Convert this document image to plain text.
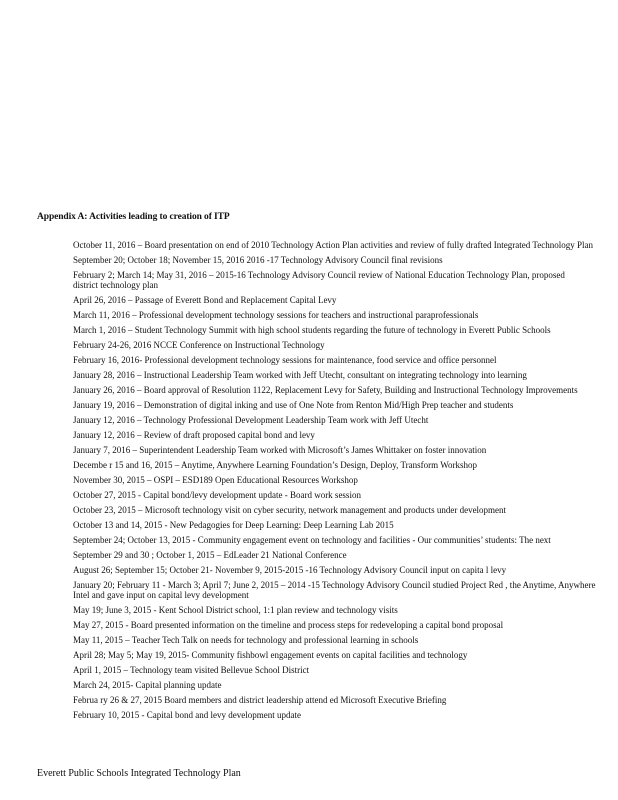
Appendix A: Activities leading to creation of ITP
October 11, 2016 – Board presentation on end of 2010 Technology Action Plan activities and review of fully drafted Integrated Technology Plan
September 20; October 18; November 15, 2016 2016 -17 Technology Advisory Council final revisions
February 2; March 14; May 31, 2016 – 2015-16 Technology Advisory Council review of National Education Technology Plan, proposed
district technology plan
April 26, 2016 – Passage of Everett Bond and Replacement Capital Levy
March 11, 2016 – Professional development technology sessions for teachers and instructional paraprofessionals
March 1, 2016 – Student Technology Summit with high school students regarding the future of technology in Everett Public Schools
February 24-26, 2016 NCCE Conference on Instructional Technology
February 16, 2016- Professional development technology sessions for maintenance, food service and office personnel
January 28, 2016 – Instructional Leadership Team worked with Jeff Utecht, consultant on integrating technology into learning
January 26, 2016 – Board approval of Resolution 1122, Replacement Levy for Safety, Building and Instructional Technology Improvements
January 19, 2016 – Demonstration of digital inking and use of One Note from Renton Mid/High Prep teacher and students
January 12, 2016 – Technology Professional Development Leadership Team work with Jeff Utecht
January 12, 2016 – Review of draft proposed capital bond and levy
January 7, 2016 – Superintendent Leadership Team worked with Microsoft’s James Whittaker on foster innovation
Decembe r 15 and 16, 2015 – Anytime, Anywhere Learning Foundation’s Design, Deploy, Transform Workshop
November 30, 2015 – OSPI – ESD189 Open Educational Resources Workshop
October 27, 2015 - Capital bond/levy development update - Board work session
October 23, 2015 – Microsoft technology visit on cyber security, network management and products under development
October 13 and 14, 2015 - New Pedagogies for Deep Learning: Deep Learning Lab 2015
September 24; October 13, 2015 - Community engagement event on technology and facilities - Our communities’ students: The next
September 29 and 30 ; October 1, 2015 – EdLeader 21 National Conference
August 26; September 15; October 21- November 9, 2015-2015 -16 Technology Advisory Council input on capita l levy
January 20; February 11 - March 3; April 7; June 2, 2015 – 2014 -15 Technology Advisory Council studied Project Red , the Anytime, Anywhere
Intel and gave input on capital levy development
May 19; June 3, 2015 - Kent School District school, 1:1 plan review and technology visits
May 27, 2015 - Board presented information on the timeline and process steps for redeveloping a capital bond proposal
May 11, 2015 – Teacher Tech Talk on needs for technology and professional learning in schools
April 28; May 5; May 19, 2015- Community fishbowl engagement events on capital facilities and technology
April 1, 2015 – Technology team visited Bellevue School District
March 24, 2015- Capital planning update
Februa ry 26 & 27, 2015 Board members and district leadership attend ed Microsoft Executive Briefing
February 10, 2015 - Capital bond and levy development update
Everett Public Schools Integrated Technology Plan
